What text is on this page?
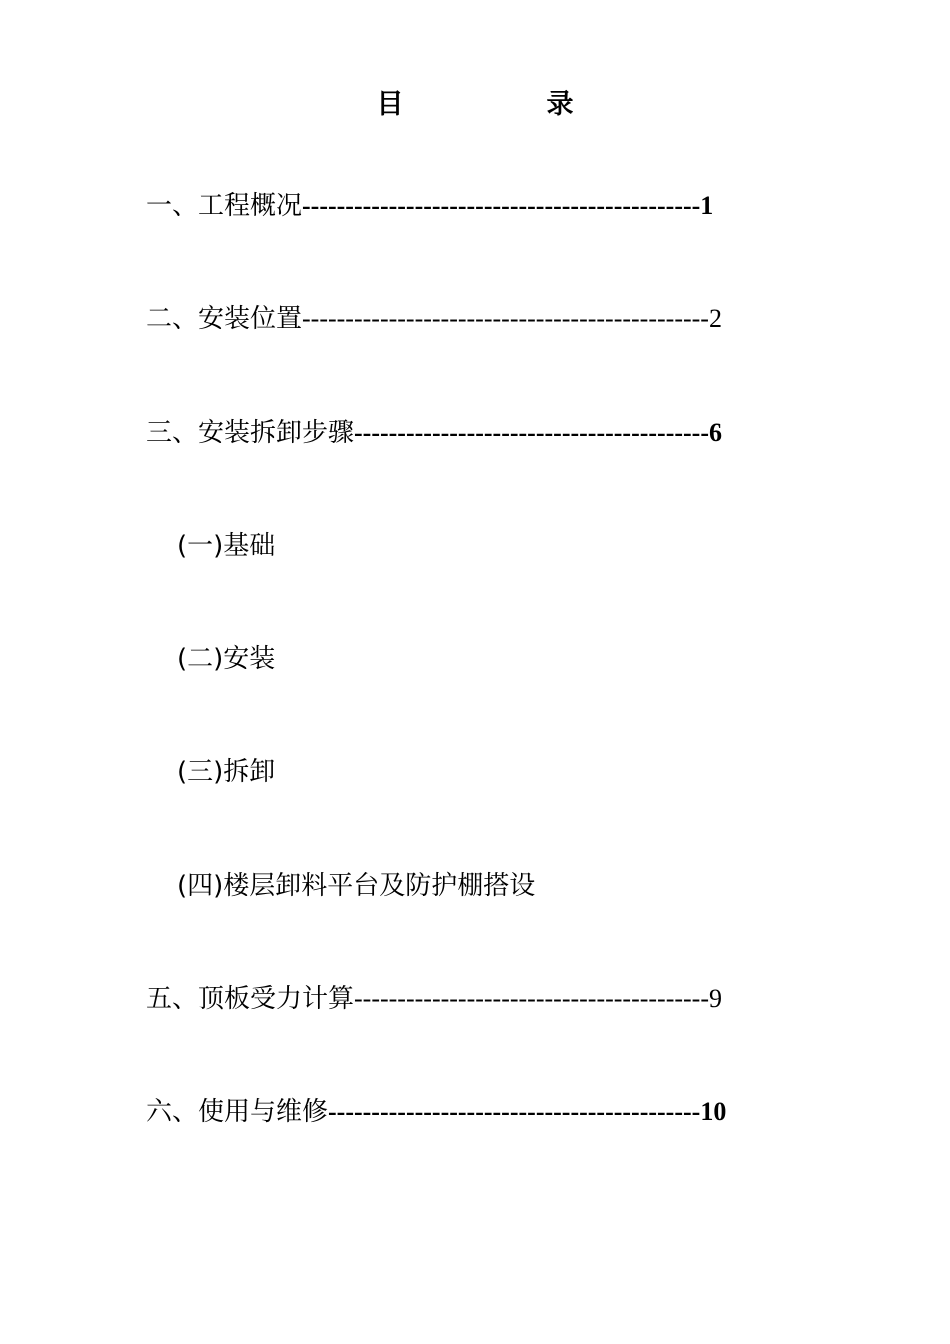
目　录
一、工程概况----------------------------------------------1
二、安装位置-----------------------------------------------2
三、安装拆卸步骤-----------------------------------------6
(一)基础
(二)安装
(三)拆卸
(四)楼层卸料平台及防护棚搭设
五、顶板受力计算-----------------------------------------9
六、使用与维修-------------------------------------------10
